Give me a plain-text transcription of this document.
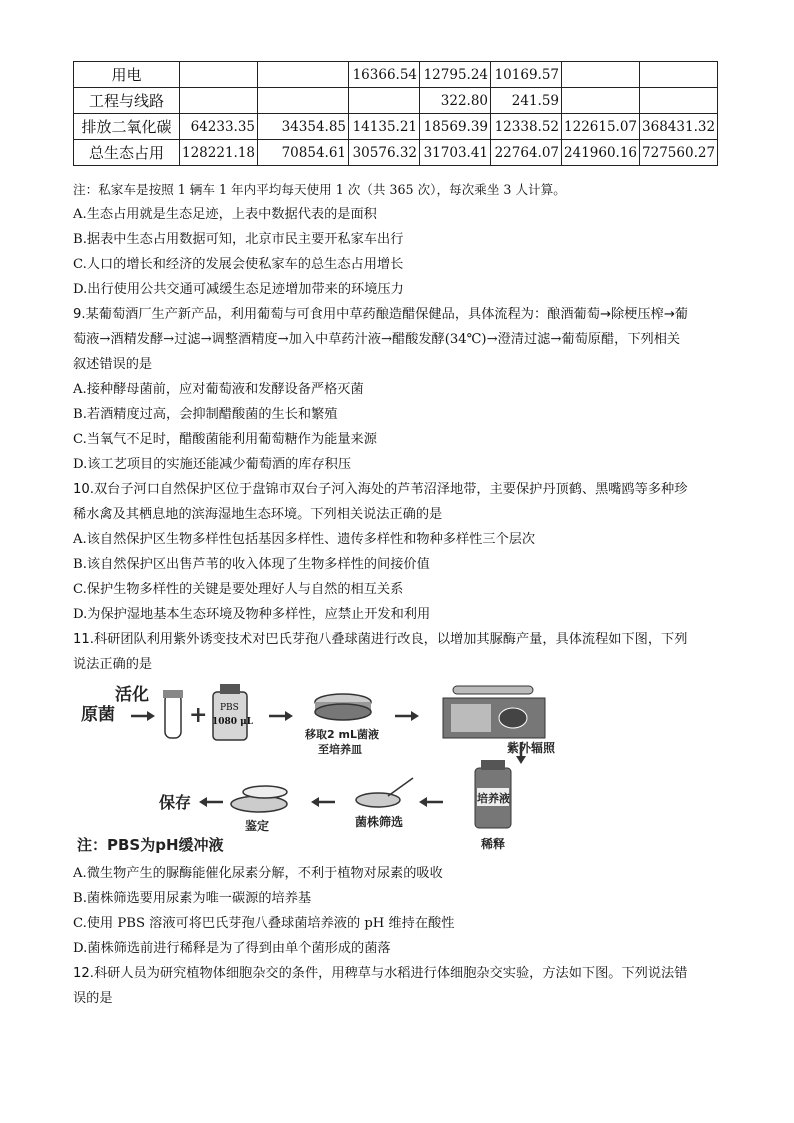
用电			16366.54	12795.24	10169.57		
工程与线路				322.80	241.59		
排放二氧化碳	64233.35	34354.85	14135.21	18569.39	12338.52	122615.07	368431.32
总生态占用	128221.18	70854.61	30576.32	31703.41	22764.07	241960.16	727560.27
注：私家车是按照 1 辆车 1 年内平均每天使用 1 次（共 365 次），每次乘坐 3 人计算。
A.生态占用就是生态足迹，上表中数据代表的是面积
B.据表中生态占用数据可知，北京市民主要开私家车出行
C.人口的增长和经济的发展会使私家车的总生态占用增长
D.出行使用公共交通可减缓生态足迹增加带来的环境压力
9.某葡萄酒厂生产新产品，利用葡萄与可食用中草药酿造醋保健品，具体流程为：酿酒葡萄→除梗压榨→葡
萄液→酒精发酵→过滤→调整酒精度→加入中草药汁液→醋酸发酵(34℃)→澄清过滤→葡萄原醋，下列相关
叙述错误的是
A.接种酵母菌前，应对葡萄液和发酵设备严格灭菌
B.若酒精度过高，会抑制醋酸菌的生长和繁殖
C.当氧气不足时，醋酸菌能利用葡萄糖作为能量来源
D.该工艺项目的实施还能减少葡萄酒的库存积压
10.双台子河口自然保护区位于盘锦市双台子河入海处的芦苇沼泽地带，主要保护丹顶鹤、黑嘴鸥等多种珍
稀水禽及其栖息地的滨海湿地生态环境。下列相关说法正确的是
A.该自然保护区生物多样性包括基因多样性、遗传多样性和物种多样性三个层次
B.该自然保护区出售芦苇的收入体现了生物多样性的间接价值
C.保护生物多样性的关键是要处理好人与自然的相互关系
D.为保护湿地基本生态环境及物种多样性，应禁止开发和利用
11.科研团队利用紫外诱变技术对巴氏芽孢八叠球菌进行改良，以增加其脲酶产量，具体流程如下图，下列
说法正确的是
活化
原菌	+ PBS
1080 μL
移取2 mL菌液
至培养皿	紫外辐照
培养液
稀释
菌株筛选
鉴定
保存
注：PBS为pH缓冲液
A.微生物产生的脲酶能催化尿素分解，不利于植物对尿素的吸收
B.菌株筛选要用尿素为唯一碳源的培养基
C.使用 PBS 溶液可将巴氏芽孢八叠球菌培养液的 pH 维持在酸性
D.菌株筛选前进行稀释是为了得到由单个菌形成的菌落
12.科研人员为研究植物体细胞杂交的条件，用稗草与水稻进行体细胞杂交实验，方法如下图。下列说法错
误的是
